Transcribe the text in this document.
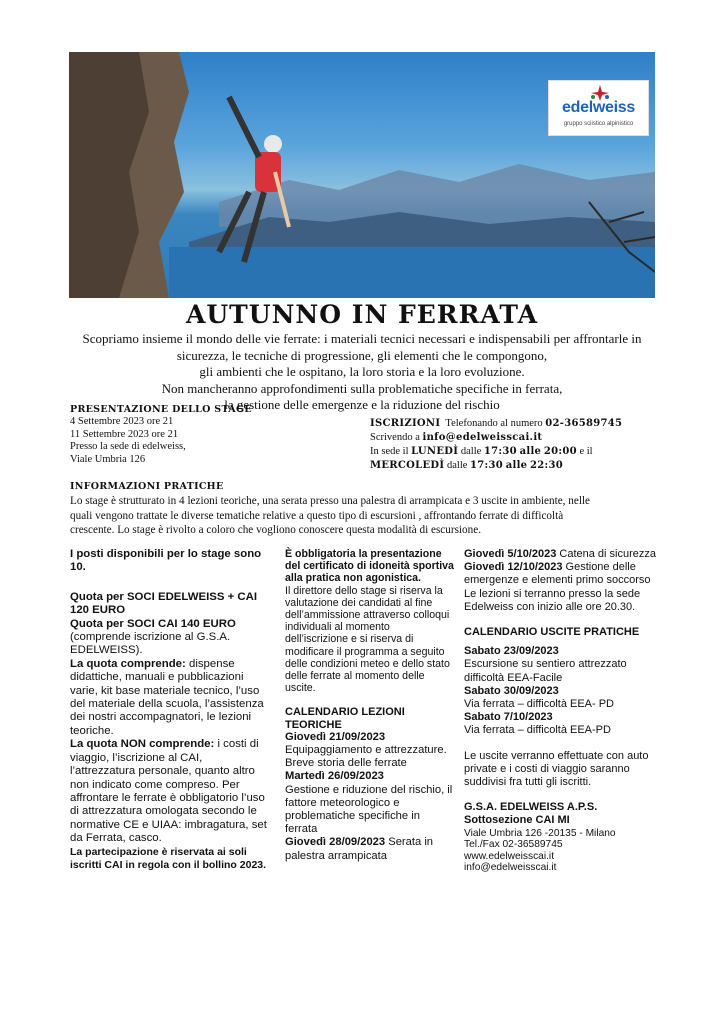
edelweiss
gruppo sciistico alpinistico
AUTUNNO IN FERRATA
Scopriamo insieme il mondo delle vie ferrate: i materiali tecnici necessari e indispensabili per affrontarle in
sicurezza, le tecniche di progressione, gli elementi che le compongono,
gli ambienti che le ospitano, la loro storia e la loro evoluzione.
Non mancheranno approfondimenti sulla problematiche specifiche in ferrata,
la gestione delle emergenze e la riduzione del rischio
PRESENTAZIONE DELLO STAGE
4 Settembre 2023 ore 21
11 Settembre 2023 ore 21
Presso la sede di edelweiss,
Viale Umbria 126
ISCRIZIONI Telefonando al numero 02-36589745
Scrivendo a info@edelweisscai.it
In sede il LUNEDÌ dalle 17:30 alle 20:00 e il
MERCOLEDÌ dalle 17:30 alle 22:30
INFORMAZIONI PRATICHE
Lo stage è strutturato in 4 lezioni teoriche, una serata presso una palestra di arrampicata e 3 uscite in ambiente, nelle
quali vengono trattate le diverse tematiche relative a questo tipo di escursioni , affrontando ferrate di difficoltà
crescente. Lo stage è rivolto a coloro che vogliono conoscere questa modalità di escursione.
I posti disponibili per lo stage sono 10.
Quota per SOCI EDELWEISS + CAI 120 EURO
Quota per SOCI CAI 140 EURO
(comprende iscrizione al G.S.A. EDELWEISS).
La quota comprende: dispense didattiche, manuali e pubblicazioni varie, kit base materiale tecnico, l’uso del materiale della scuola, l’assistenza dei nostri accompagnatori, le lezioni teoriche.
La quota NON comprende: i costi di viaggio, l’iscrizione al CAI, l’attrezzatura personale, quanto altro non indicato come compreso. Per affrontare le ferrate è obbligatorio l’uso di attrezzatura omologata secondo le normative CE e UIAA: imbragatura, set da Ferrata, casco.
La partecipazione è riservata ai soli iscritti CAI in regola con il bollino 2023.
È obbligatoria la presentazione del certificato di idoneità sportiva alla pratica non agonistica.
Il direttore dello stage si riserva la valutazione dei candidati al fine dell’ammissione attraverso colloqui individuali al momento dell’iscrizione e si riserva di modificare il programma a seguito delle condizioni meteo e dello stato delle ferrate al momento delle uscite.
CALENDARIO LEZIONI TEORICHE
Giovedì 21/09/2023
Equipaggiamento e attrezzature. Breve storia delle ferrate
Martedì 26/09/2023
Gestione e riduzione del rischio, il fattore meteorologico e problematiche specifiche in ferrata
Giovedì 28/09/2023 Serata in palestra arrampicata
Giovedì 5/10/2023 Catena di sicurezza
Giovedì 12/10/2023 Gestione delle emergenze e elementi primo soccorso
Le lezioni si terranno presso la sede Edelweiss con inizio alle ore 20.30.
CALENDARIO USCITE PRATICHE
Sabato 23/09/2023
Escursione su sentiero attrezzato difficoltà EEA-Facile
Sabato 30/09/2023
Via ferrata – difficoltà EEA- PD
Sabato 7/10/2023
Via ferrata – difficoltà EEA-PD
Le uscite verranno effettuate con auto private e i costi di viaggio saranno suddivisi fra tutti gli iscritti.
G.S.A. EDELWEISS A.P.S.
Sottosezione CAI MI
Viale Umbria 126 -20135 - Milano
Tel./Fax 02-36589745
www.edelweisscai.it
info@edelweisscai.it
